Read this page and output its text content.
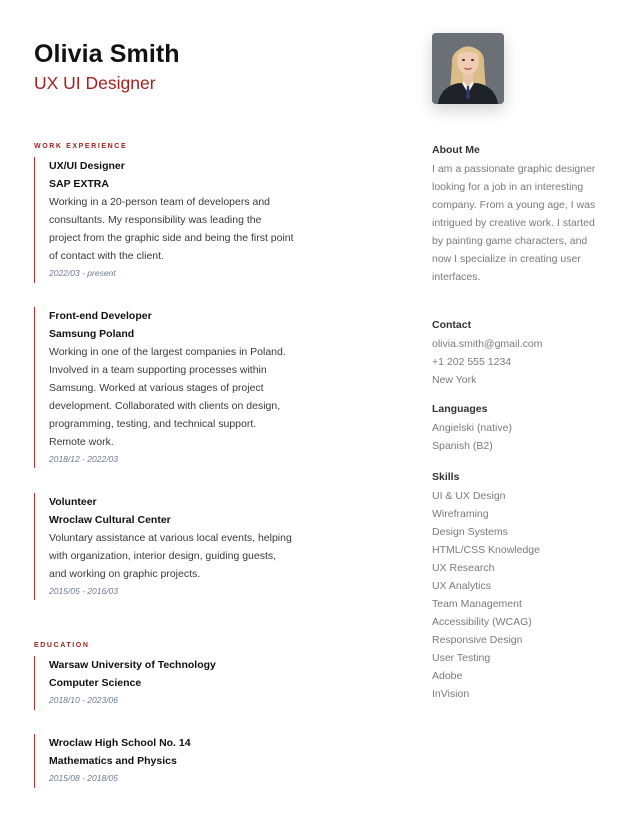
Olivia Smith
UX UI Designer
WORK EXPERIENCE
UX/UI Designer
SAP EXTRA
Working in a 20-person team of developers and consultants. My responsibility was leading the project from the graphic side and being the first point of contact with the client.
2022/03 - present
Front-end Developer
Samsung Poland
Working in one of the largest companies in Poland. Involved in a team supporting processes within Samsung. Worked at various stages of project development. Collaborated with clients on design, programming, testing, and technical support. Remote work.
2018/12 - 2022/03
Volunteer
Wroclaw Cultural Center
Voluntary assistance at various local events, helping with organization, interior design, guiding guests, and working on graphic projects.
2015/05 - 2016/03
EDUCATION
Warsaw University of Technology
Computer Science
2018/10 - 2023/06
Wroclaw High School No. 14
Mathematics and Physics
2015/08 - 2018/05
About Me
I am a passionate graphic designer looking for a job in an interesting company. From a young age, I was intrigued by creative work. I started by painting game characters, and now I specialize in creating user interfaces.
Contact
olivia.smith@gmail.com
+1 202 555 1234
New York
Languages
Angielski (native)
Spanish (B2)
Skills
UI & UX Design
Wireframing
Design Systems
HTML/CSS Knowledge
UX Research
UX Analytics
Team Management
Accessibility (WCAG)
Responsive Design
User Testing
Adobe
InVision
